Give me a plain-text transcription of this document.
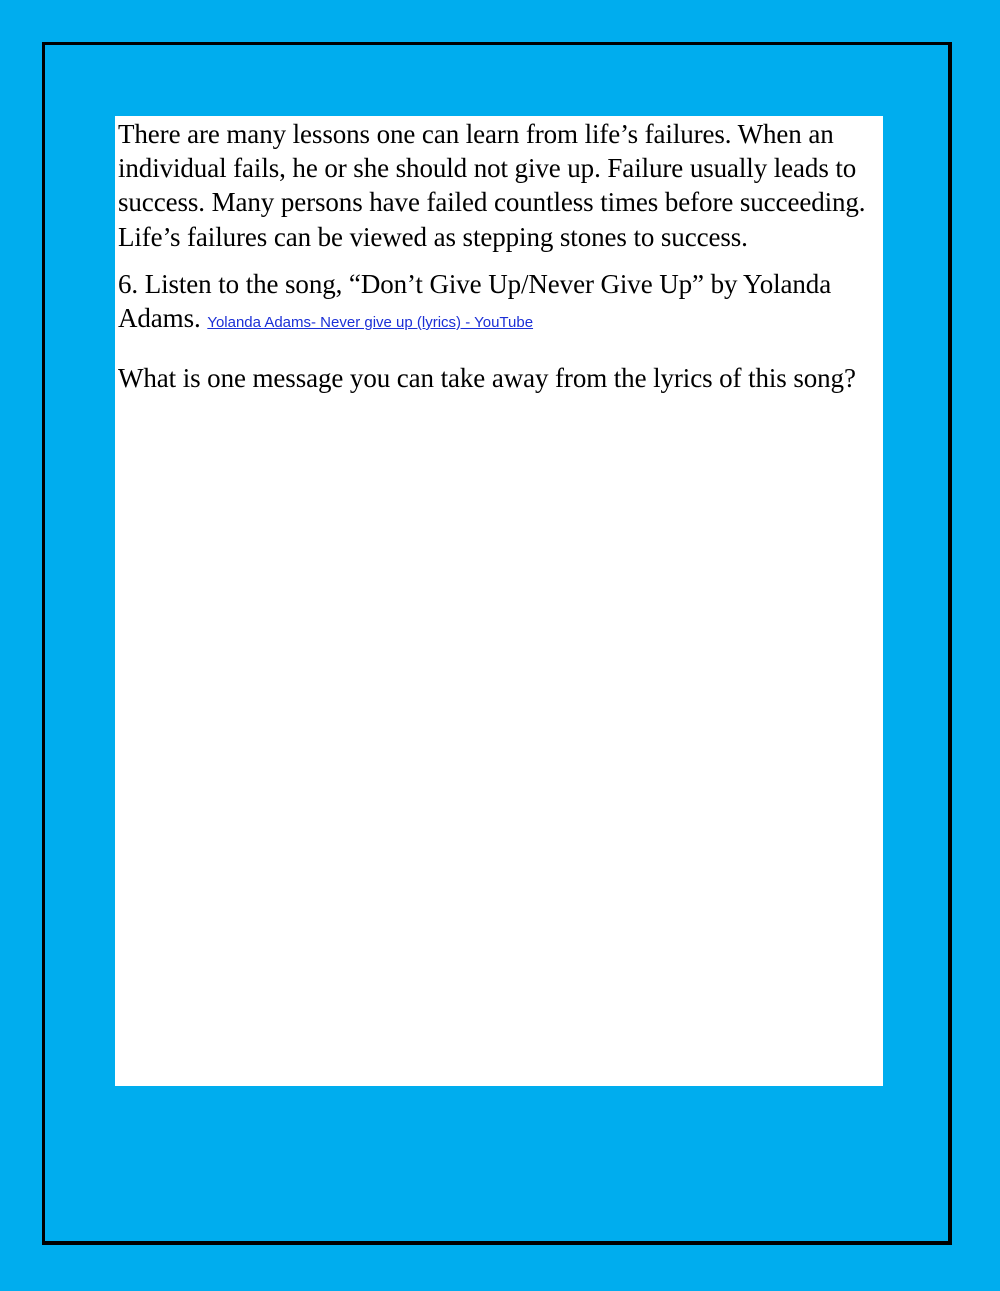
There are many lessons one can learn from life’s failures. When an individual fails, he or she should not give up. Failure usually leads to success. Many persons have failed countless times before succeeding. Life’s failures can be viewed as stepping stones to success.

6. Listen to the song, “Don’t Give Up/Never Give Up” by Yolanda Adams. Yolanda Adams- Never give up (lyrics) - YouTube

What is one message you can take away from the lyrics of this song?
